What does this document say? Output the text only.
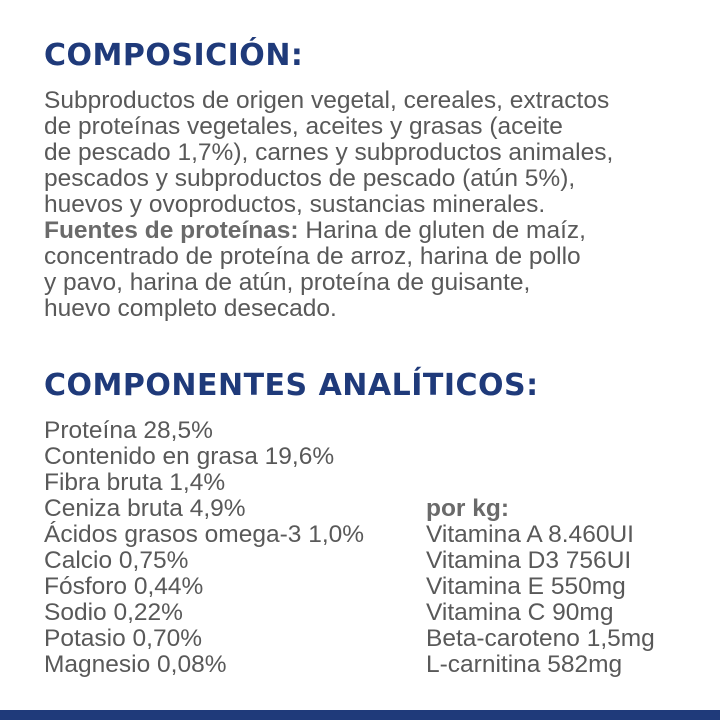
COMPOSICIÓN:
Subproductos de origen vegetal, cereales, extractos
de proteínas vegetales, aceites y grasas (aceite
de pescado 1,7%), carnes y subproductos animales,
pescados y subproductos de pescado (atún 5%),
huevos y ovoproductos, sustancias minerales.
Fuentes de proteínas: Harina de gluten de maíz,
concentrado de proteína de arroz, harina de pollo
y pavo, harina de atún, proteína de guisante,
huevo completo desecado.
COMPONENTES ANALÍTICOS:
Proteína 28,5%
Contenido en grasa 19,6%
Fibra bruta 1,4%
Ceniza bruta 4,9%
Ácidos grasos omega-3 1,0%
Calcio 0,75%
Fósforo 0,44%
Sodio 0,22%
Potasio 0,70%
Magnesio 0,08%
por kg:
Vitamina A 8.460UI
Vitamina D3 756UI
Vitamina E 550mg
Vitamina C 90mg
Beta-caroteno 1,5mg
L-carnitina 582mg
